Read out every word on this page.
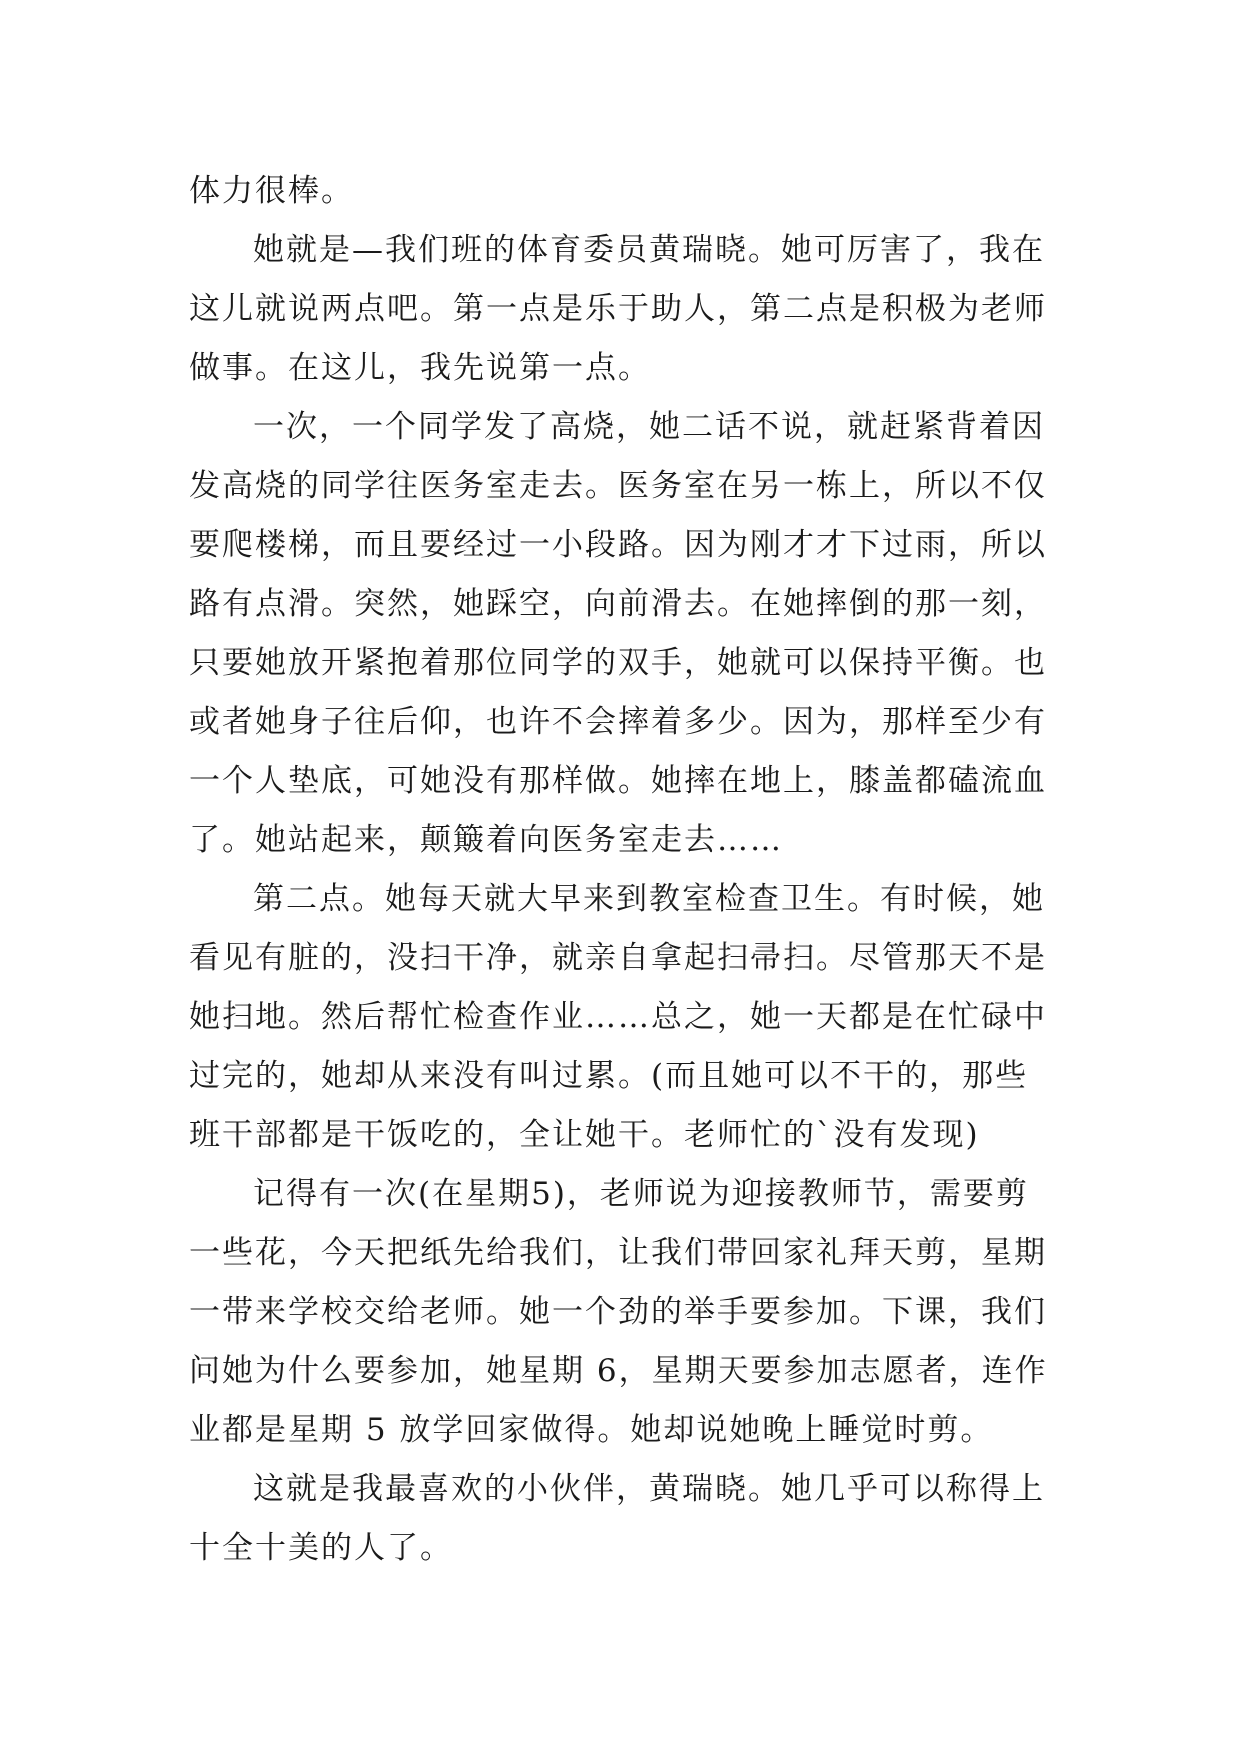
体力很棒。
她就是—我们班的体育委员黄瑞晓。她可厉害了，我在
这儿就说两点吧。第一点是乐于助人，第二点是积极为老师
做事。在这儿，我先说第一点。
一次，一个同学发了高烧，她二话不说，就赶紧背着因
发高烧的同学往医务室走去。医务室在另一栋上，所以不仅
要爬楼梯，而且要经过一小段路。因为刚才才下过雨，所以
路有点滑。突然，她踩空，向前滑去。在她摔倒的那一刻，
只要她放开紧抱着那位同学的双手，她就可以保持平衡。也
或者她身子往后仰，也许不会摔着多少。因为，那样至少有
一个人垫底，可她没有那样做。她摔在地上，膝盖都磕流血
了。她站起来，颠簸着向医务室走去……
第二点。她每天就大早来到教室检查卫生。有时候，她
看见有脏的，没扫干净，就亲自拿起扫帚扫。尽管那天不是
她扫地。然后帮忙检查作业……总之，她一天都是在忙碌中
过完的，她却从来没有叫过累。(而且她可以不干的，那些
班干部都是干饭吃的，全让她干。老师忙的`没有发现)
记得有一次(在星期5)，老师说为迎接教师节，需要剪
一些花，今天把纸先给我们，让我们带回家礼拜天剪，星期
一带来学校交给老师。她一个劲的举手要参加。下课，我们
问她为什么要参加，她星期 6，星期天要参加志愿者，连作
业都是星期 5 放学回家做得。她却说她晚上睡觉时剪。
这就是我最喜欢的小伙伴，黄瑞晓。她几乎可以称得上
十全十美的人了。
